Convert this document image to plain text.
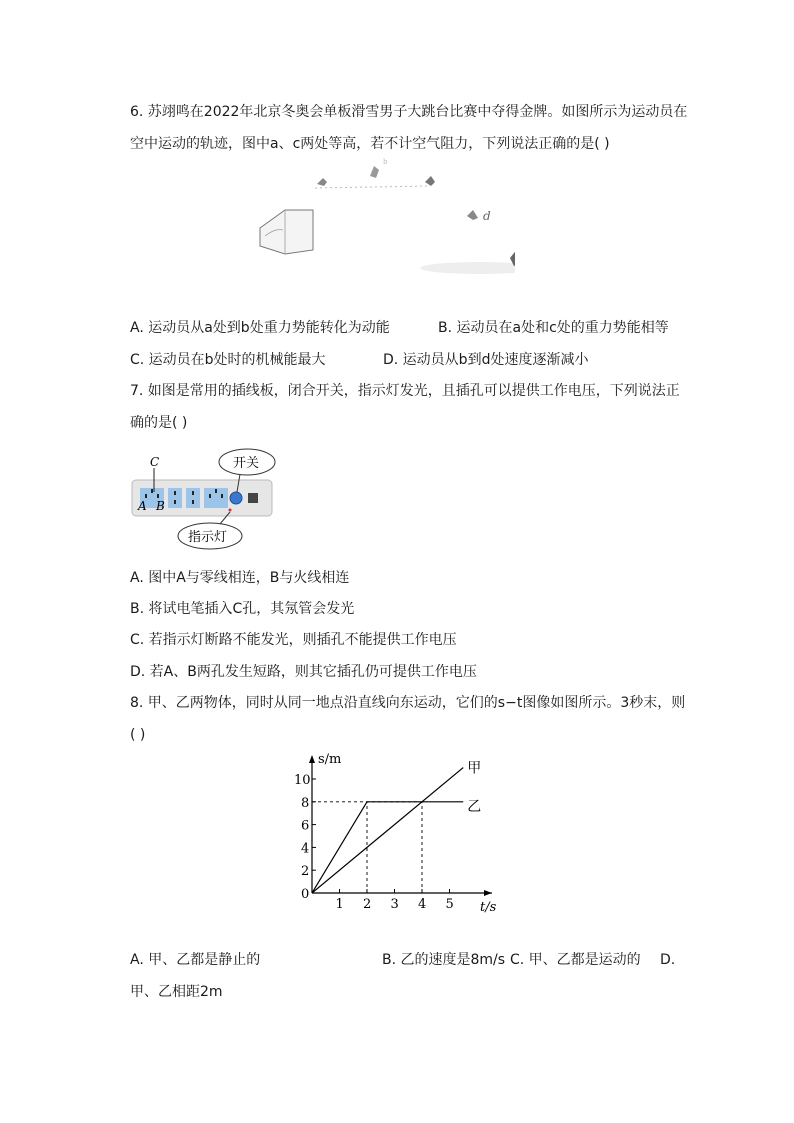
6. 苏翊鸣在2022年北京冬奥会单板滑雪男子大跳台比赛中夺得金牌。如图所示为运动员在
空中运动的轨迹，图中a、c两处等高，若不计空气阻力，下列说法正确的是( )
b
d
A. 运动员从a处到b处重力势能转化为动能	B. 运动员在a处和c处的重力势能相等
C. 运动员在b处时的机械能最大	D. 运动员从b到d处速度逐渐减小
7. 如图是常用的插线板，闭合开关，指示灯发光，且插孔可以提供工作电压，下列说法正
确的是( )
C
A B
开关
指示灯
A. 图中A与零线相连，B与火线相连
B. 将试电笔插入C孔，其氖管会发光
C. 若指示灯断路不能发光，则插孔不能提供工作电压
D. 若A、B两孔发生短路，则其它插孔仍可提供工作电压
8. 甲、乙两物体，同时从同一地点沿直线向东运动，它们的s−t图像如图所示。3秒末，则
( )
1 2 3 4 5
0
2
4
6
8
10
s/m
t/s
甲
乙
A. 甲、乙都是静止的	B. 乙的速度是8m/s C. 甲、乙都是运动的 D.
甲、乙相距2m
